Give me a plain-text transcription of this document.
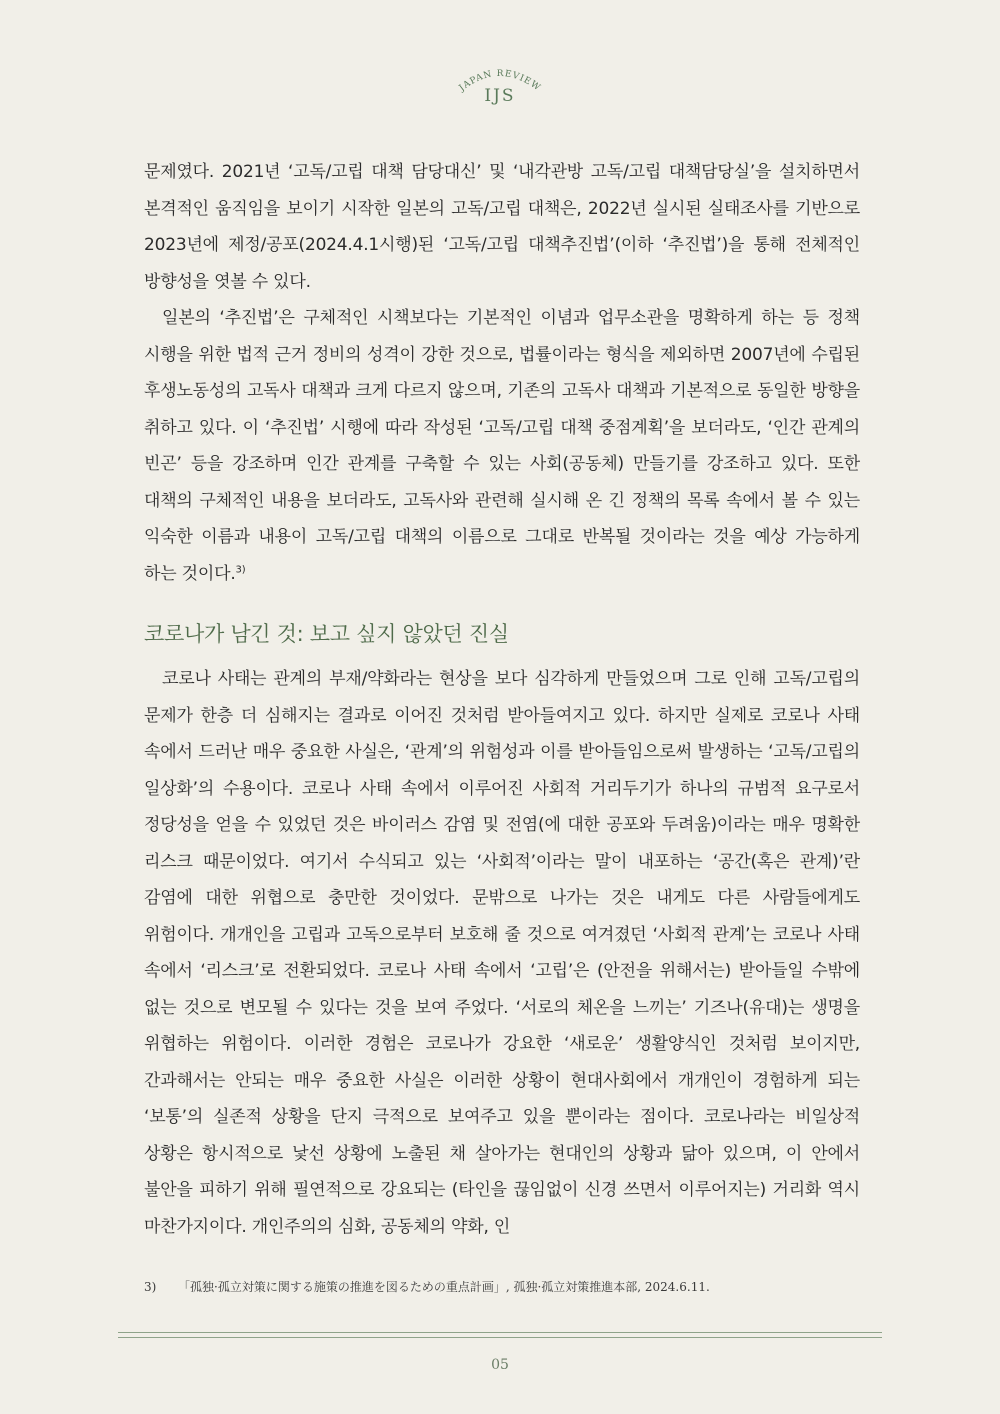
JAPAN REVIEW
IJS

문제였다. 2021년 ‘고독/고립 대책 담당대신’ 및 ‘내각관방 고독/고립 대책담당실’을 설치하면서 본격적인 움직임을 보이기 시작한 일본의 고독/고립 대책은, 2022년 실시된 실태조사를 기반으로 2023년에 제정/공포(2024.4.1시행)된 ‘고독/고립 대책추진법’(이하 ‘추진법’)을 통해 전체적인 방향성을 엿볼 수 있다.

일본의 ‘추진법’은 구체적인 시책보다는 기본적인 이념과 업무소관을 명확하게 하는 등 정책 시행을 위한 법적 근거 정비의 성격이 강한 것으로, 법률이라는 형식을 제외하면 2007년에 수립된 후생노동성의 고독사 대책과 크게 다르지 않으며, 기존의 고독사 대책과 기본적으로 동일한 방향을 취하고 있다. 이 ‘추진법’ 시행에 따라 작성된 ‘고독/고립 대책 중점계획’을 보더라도, ‘인간 관계의 빈곤’ 등을 강조하며 인간 관계를 구축할 수 있는 사회(공동체) 만들기를 강조하고 있다. 또한 대책의 구체적인 내용을 보더라도, 고독사와 관련해 실시해 온 긴 정책의 목록 속에서 볼 수 있는 익숙한 이름과 내용이 고독/고립 대책의 이름으로 그대로 반복될 것이라는 것을 예상 가능하게 하는 것이다.$^{3)}$

코로나가 남긴 것: 보고 싶지 않았던 진실

코로나 사태는 관계의 부재/약화라는 현상을 보다 심각하게 만들었으며 그로 인해 고독/고립의 문제가 한층 더 심해지는 결과로 이어진 것처럼 받아들여지고 있다. 하지만 실제로 코로나 사태 속에서 드러난 매우 중요한 사실은, ‘관계’의 위험성과 이를 받아들임으로써 발생하는 ‘고독/고립의 일상화’의 수용이다. 코로나 사태 속에서 이루어진 사회적 거리두기가 하나의 규범적 요구로서 정당성을 얻을 수 있었던 것은 바이러스 감염 및 전염(에 대한 공포와 두려움)이라는 매우 명확한 리스크 때문이었다. 여기서 수식되고 있는 ‘사회적’이라는 말이 내포하는 ‘공간(혹은 관계)’란 감염에 대한 위협으로 충만한 것이었다. 문밖으로 나가는 것은 내게도 다른 사람들에게도 위험이다. 개개인을 고립과 고독으로부터 보호해 줄 것으로 여겨졌던 ‘사회적 관계’는 코로나 사태 속에서 ‘리스크’로 전환되었다. 코로나 사태 속에서 ‘고립’은 (안전을 위해서는) 받아들일 수밖에 없는 것으로 변모될 수 있다는 것을 보여 주었다. ‘서로의 체온을 느끼는’ 기즈나(유대)는 생명을 위협하는 위험이다. 이러한 경험은 코로나가 강요한 ‘새로운’ 생활양식인 것처럼 보이지만, 간과해서는 안되는 매우 중요한 사실은 이러한 상황이 현대사회에서 개개인이 경험하게 되는 ‘보통’의 실존적 상황을 단지 극적으로 보여주고 있을 뿐이라는 점이다. 코로나라는 비일상적 상황은 항시적으로 낯선 상황에 노출된 채 살아가는 현대인의 상황과 닮아 있으며, 이 안에서 불안을 피하기 위해 필연적으로 강요되는 (타인을 끊임없이 신경 쓰면서 이루어지는) 거리화 역시 마찬가지이다. 개인주의의 심화, 공동체의 약화, 인

3) 「孤独·孤立対策に関する施策の推進を図るための重点計画」, 孤独·孤立対策推進本部, 2024.6.11.
05
